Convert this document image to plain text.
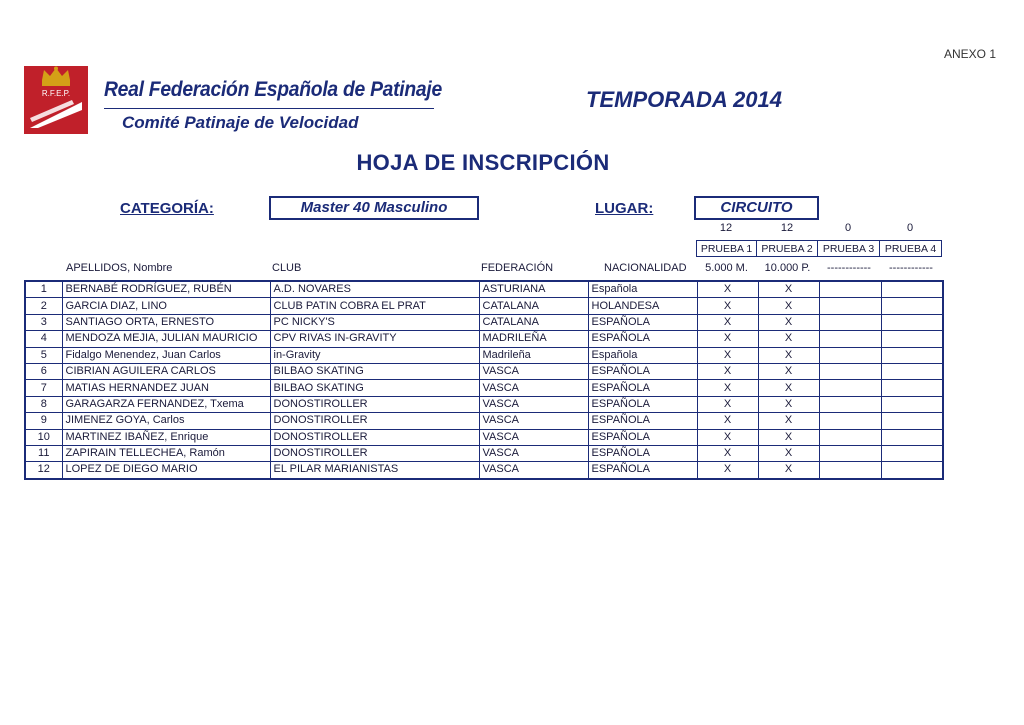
ANEXO 1
R.F.E.P. Real Federación Española de Patinaje
Comité Patinaje de Velocidad
TEMPORADA 2014
HOJA DE INSCRIPCIÓN
CATEGORÍA:	Master 40 Masculino	LUGAR:	CIRCUITO
12	12	0	0
PRUEBA 1 PRUEBA 2 PRUEBA 3	PRUEBA 4
APELLIDOS, Nombre	CLUB	FEDERACIÓN	NACIONALIDAD	5.000 M.	10.000 P.	------------	------------
1	BERNABÉ RODRÍGUEZ, RUBÉN	A.D. NOVARES	ASTURIANA	Española	X	X		
2	GARCIA DIAZ, LINO	CLUB PATIN COBRA EL PRAT	CATALANA	HOLANDESA	X	X		
3	SANTIAGO ORTA, ERNESTO	PC NICKY'S	CATALANA	ESPAÑOLA	X	X		
4	MENDOZA MEJIA, JULIAN MAURICIO	CPV RIVAS IN-GRAVITY	MADRILEÑA	ESPAÑOLA	X	X		
5	Fidalgo Menendez, Juan Carlos	in-Gravity	Madrileña	Española	X	X		
6	CIBRIAN AGUILERA CARLOS	BILBAO SKATING	VASCA	ESPAÑOLA	X	X		
7	MATIAS HERNANDEZ JUAN	BILBAO SKATING	VASCA	ESPAÑOLA	X	X		
8	GARAGARZA FERNANDEZ, Txema	DONOSTIROLLER	VASCA	ESPAÑOLA	X	X		
9	JIMENEZ GOYA, Carlos	DONOSTIROLLER	VASCA	ESPAÑOLA	X	X		
10	MARTINEZ IBAÑEZ, Enrique	DONOSTIROLLER	VASCA	ESPAÑOLA	X	X		
11	ZAPIRAIN TELLECHEA, Ramón	DONOSTIROLLER	VASCA	ESPAÑOLA	X	X		
12	LOPEZ DE DIEGO MARIO	EL PILAR MARIANISTAS	VASCA	ESPAÑOLA	X	X		
